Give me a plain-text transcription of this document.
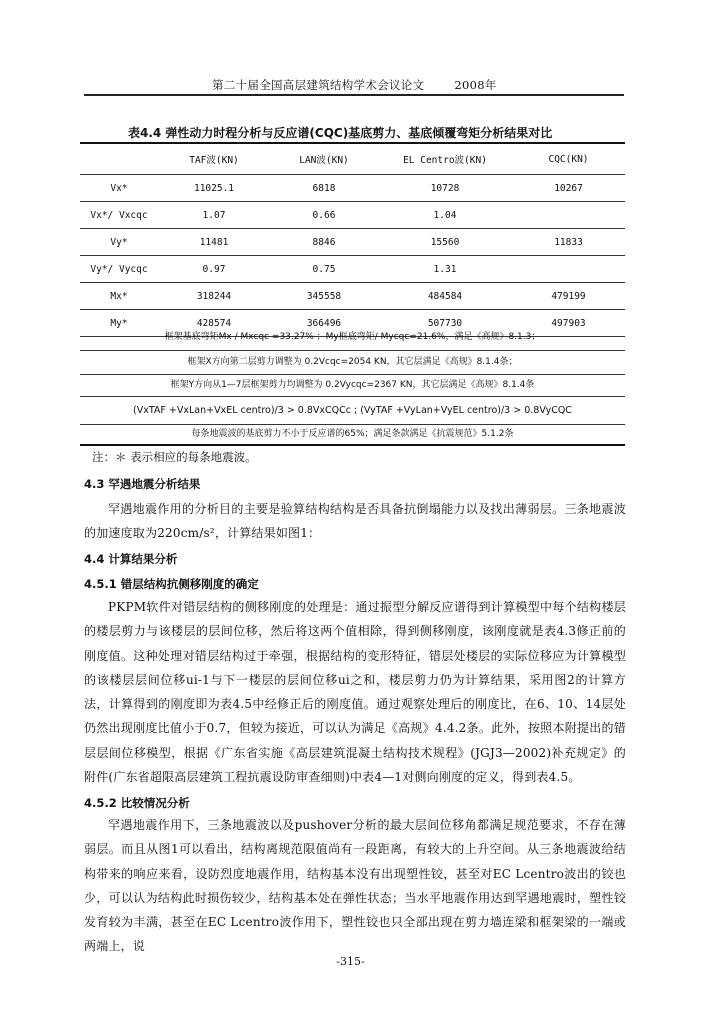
第二十届全国高层建筑结构学术会议论文	2008年
表4.4 弹性动力时程分析与反应谱(CQC)基底剪力、基底倾覆弯矩分析结果对比
	TAF波(KN)	LAN波(KN)	EL Centro波(KN)	CQC(KN)
Vx*	11025.1	6818	10728	10267
Vx*/ Vxcqc	1.07	0.66	1.04	
Vy*	11481	8846	15560	11833
Vy*/ Vycqc	0.97	0.75	1.31	
Mx*	318244	345558	484584	479199
My*	428574	366496	507730	497903
框架基底弯矩Mx / Mxcqc =33.27% ；My框底弯矩/ Mycqc=21.6%，满足《高规》8.1.3；
框架X方向第二层剪力调整为 0.2Vcqc=2054 KN，其它层满足《高规》8.1.4条；
框架Y方向从1—7层框架剪力均调整为 0.2Vycqc=2367 KN，其它层满足《高规》8.1.4条
(VxTAF +VxLan+VxEL centro)/3 > 0.8VxCQCc ; (VyTAF +VyLan+VyEL centro)/3 > 0.8VyCQC
每条地震波的基底剪力不小于反应谱的65%；满足条款满足《抗震规范》5.1.2条
注：＊ 表示相应的每条地震波。
4.3 罕遇地震分析结果
罕遇地震作用的分析目的主要是验算结构结构是否具备抗倒塌能力以及找出薄弱层。三条地震波的加速度取为220cm/s²，计算结果如图1：
4.4 计算结果分析
4.5.1 错层结构抗侧移刚度的确定
PKPM软件对错层结构的侧移刚度的处理是：通过振型分解反应谱得到计算模型中每个结构楼层的楼层剪力与该楼层的层间位移，然后将这两个值相除，得到侧移刚度，该刚度就是表4.3修正前的刚度值。这种处理对错层结构过于牵强，根据结构的变形特征，错层处楼层的实际位移应为计算模型的该楼层层间位移ui-1与下一楼层的层间位移ui之和，楼层剪力仍为计算结果，采用图2的计算方法，计算得到的刚度即为表4.5中经修正后的刚度值。通过观察处理后的刚度比，在6、10、14层处仍然出现刚度比值小于0.7，但较为接近，可以认为满足《高规》4.4.2条。此外，按照本附提出的错层层间位移模型，根据《广东省实施《高层建筑混凝土结构技术规程》(JGJ3—2002)补充规定》的附件(广东省超限高层建筑工程抗震设防审查细则)中表4—1对侧向刚度的定义，得到表4.5。
4.5.2 比较情况分析
罕遇地震作用下，三条地震波以及pushover分析的最大层间位移角都满足规范要求，不存在薄弱层。而且从图1可以看出，结构离规范限值尚有一段距离，有较大的上升空间。从三条地震波给结构带来的响应来看，设防烈度地震作用，结构基本没有出现塑性铰，甚至对EC Lcentro波出的铰也少，可以认为结构此时损伤较少，结构基本处在弹性状态；当水平地震作用达到罕遇地震时，塑性铰发育较为丰满，甚至在EC Lcentro波作用下，塑性铰也只全部出现在剪力墙连梁和框架梁的一端或两端上，说
-315-
